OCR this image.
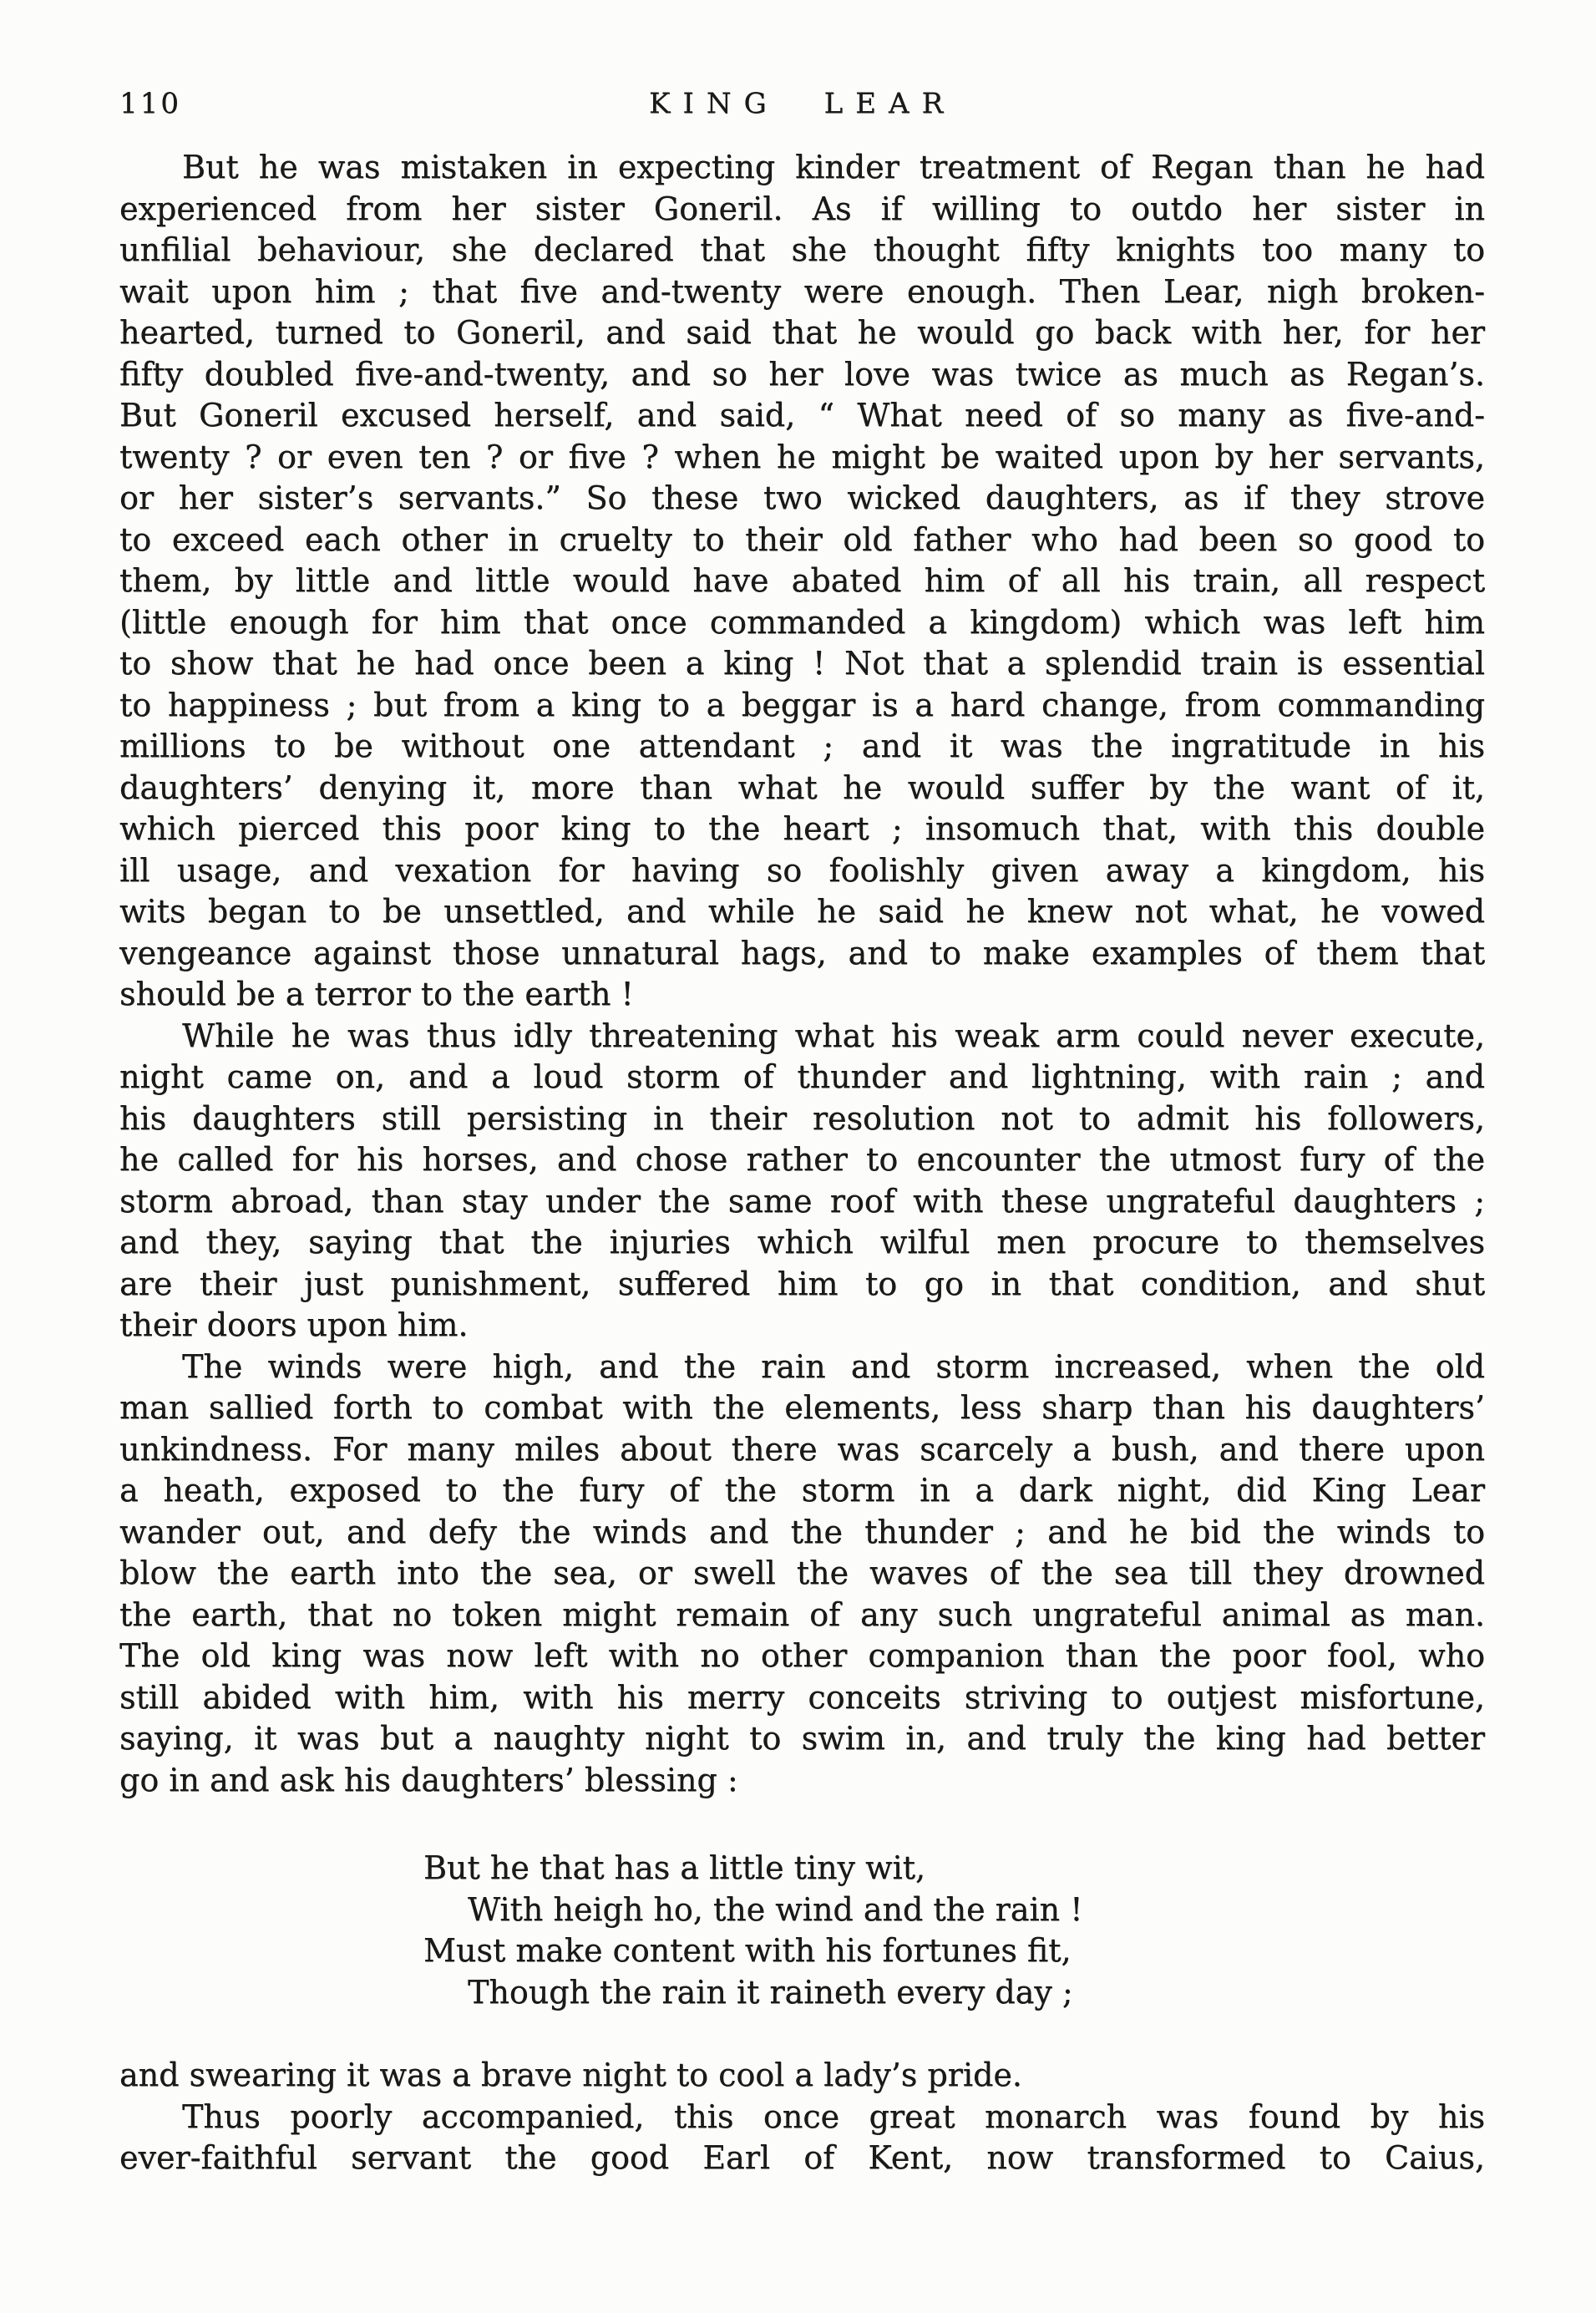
110	KING LEAR
But he was mistaken in expecting kinder treatment of Regan than he had
experienced from her sister Goneril. As if willing to outdo her sister in
unfilial behaviour, she declared that she thought fifty knights too many to
wait upon him ; that five and-twenty were enough. Then Lear, nigh broken-
hearted, turned to Goneril, and said that he would go back with her, for her
fifty doubled five-and-twenty, and so her love was twice as much as Regan’s.
But Goneril excused herself, and said, “ What need of so many as five-and-
twenty ? or even ten ? or five ? when he might be waited upon by her servants,
or her sister’s servants.” So these two wicked daughters, as if they strove
to exceed each other in cruelty to their old father who had been so good to
them, by little and little would have abated him of all his train, all respect
(little enough for him that once commanded a kingdom) which was left him
to show that he had once been a king ! Not that a splendid train is essential
to happiness ; but from a king to a beggar is a hard change, from commanding
millions to be without one attendant ; and it was the ingratitude in his
daughters’ denying it, more than what he would suffer by the want of it,
which pierced this poor king to the heart ; insomuch that, with this double
ill usage, and vexation for having so foolishly given away a kingdom, his
wits began to be unsettled, and while he said he knew not what, he vowed
vengeance against those unnatural hags, and to make examples of them that
should be a terror to the earth !
While he was thus idly threatening what his weak arm could never execute,
night came on, and a loud storm of thunder and lightning, with rain ; and
his daughters still persisting in their resolution not to admit his followers,
he called for his horses, and chose rather to encounter the utmost fury of the
storm abroad, than stay under the same roof with these ungrateful daughters ;
and they, saying that the injuries which wilful men procure to themselves
are their just punishment, suffered him to go in that condition, and shut
their doors upon him.
The winds were high, and the rain and storm increased, when the old
man sallied forth to combat with the elements, less sharp than his daughters’
unkindness. For many miles about there was scarcely a bush, and there upon
a heath, exposed to the fury of the storm in a dark night, did King Lear
wander out, and defy the winds and the thunder ; and he bid the winds to
blow the earth into the sea, or swell the waves of the sea till they drowned
the earth, that no token might remain of any such ungrateful animal as man.
The old king was now left with no other companion than the poor fool, who
still abided with him, with his merry conceits striving to outjest misfortune,
saying, it was but a naughty night to swim in, and truly the king had better
go in and ask his daughters’ blessing :
But he that has a little tiny wit,
With heigh ho, the wind and the rain !
Must make content with his fortunes fit,
Though the rain it raineth every day ;
and swearing it was a brave night to cool a lady’s pride.
Thus poorly accompanied, this once great monarch was found by his
ever-faithful servant the good Earl of Kent, now transformed to Caius,
